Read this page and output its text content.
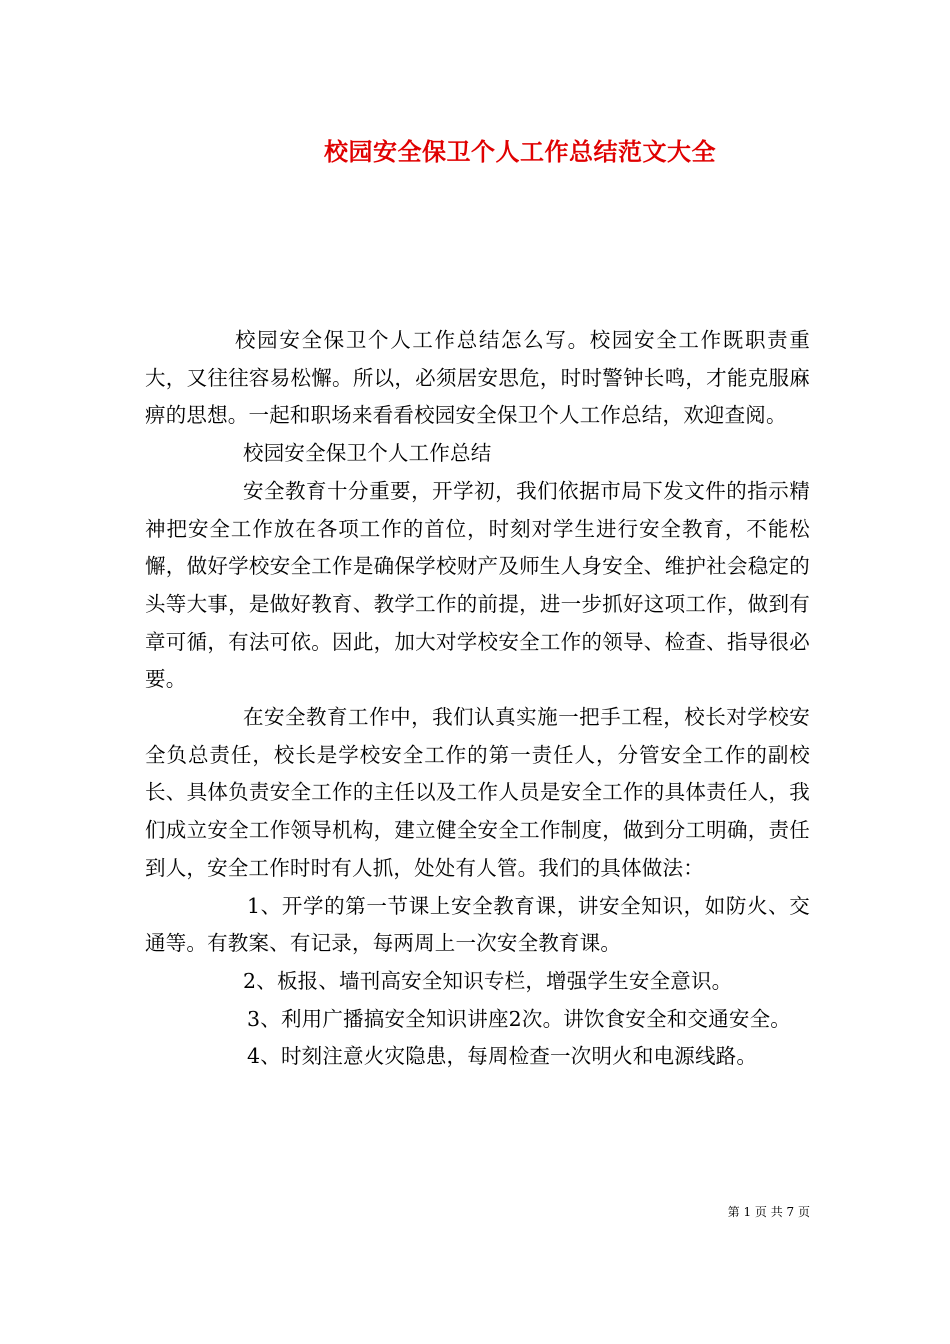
校园安全保卫个人工作总结范文大全

校园安全保卫个人工作总结怎么写。校园安全工作既职责重大，又往往容易松懈。所以，必须居安思危，时时警钟长鸣，才能克服麻痹的思想。一起和职场来看看校园安全保卫个人工作总结，欢迎查阅。

校园安全保卫个人工作总结

安全教育十分重要，开学初，我们依据市局下发文件的指示精神把安全工作放在各项工作的首位，时刻对学生进行安全教育，不能松懈，做好学校安全工作是确保学校财产及师生人身安全、维护社会稳定的头等大事，是做好教育、教学工作的前提，进一步抓好这项工作，做到有章可循，有法可依。因此，加大对学校安全工作的领导、检查、指导很必要。

在安全教育工作中，我们认真实施一把手工程，校长对学校安全负总责任，校长是学校安全工作的第一责任人，分管安全工作的副校长、具体负责安全工作的主任以及工作人员是安全工作的具体责任人，我们成立安全工作领导机构，建立健全安全工作制度，做到分工明确，责任到人，安全工作时时有人抓，处处有人管。我们的具体做法：

1、开学的第一节课上安全教育课，讲安全知识，如防火、交通等。有教案、有记录，每两周上一次安全教育课。

2、板报、墙刊高安全知识专栏，增强学生安全意识。

3、利用广播搞安全知识讲座2次。讲饮食安全和交通安全。

4、时刻注意火灾隐患，每周检查一次明火和电源线路。

第 1 页 共 7 页
